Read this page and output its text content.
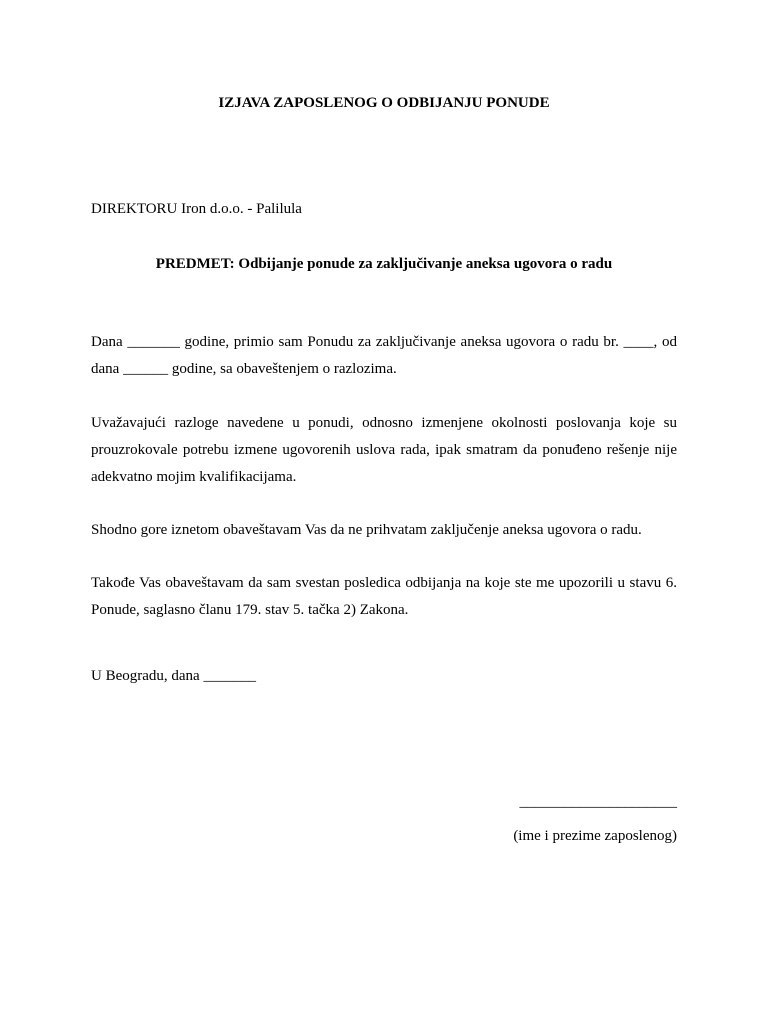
IZJAVA ZAPOSLENOG O ODBIJANJU PONUDE
DIREKTORU Iron d.o.o. - Palilula
PREDMET: Odbijanje ponude za zaključivanje aneksa ugovora o radu
Dana _______ godine, primio sam Ponudu za zaključivanje aneksa ugovora o radu br. ____, od dana ______ godine, sa obaveštenjem o razlozima.
Uvažavajući razloge navedene u ponudi, odnosno izmenjene okolnosti poslovanja koje su prouzrokovale potrebu izmene ugovorenih uslova rada, ipak smatram da ponuđeno rešenje nije adekvatno mojim kvalifikacijama.
Shodno gore iznetom obaveštavam Vas da ne prihvatam zaključenje aneksa ugovora o radu.
Takođe Vas obaveštavam da sam svestan posledica odbijanja na koje ste me upozorili u stavu 6. Ponude, saglasno članu 179. stav 5. tačka 2) Zakona.
U Beogradu, dana _______
_____________________
(ime i prezime zaposlenog)
